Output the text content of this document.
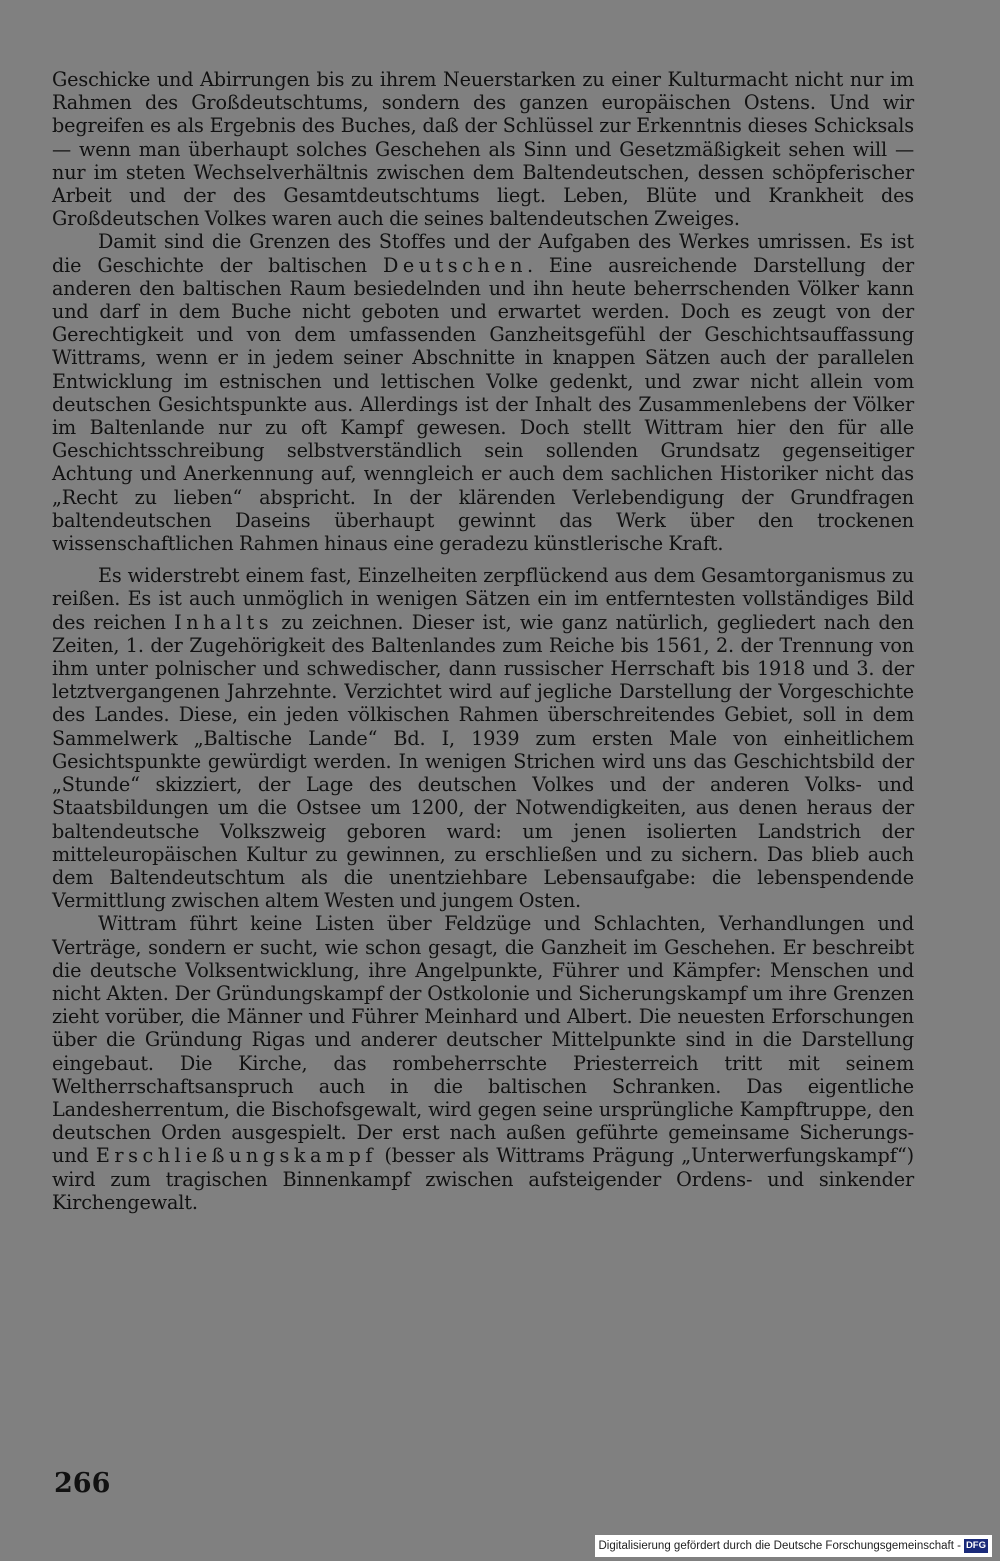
Geschicke und Abirrungen bis zu ihrem Neuerstarken zu einer Kulturmacht nicht nur im Rahmen des Großdeutschtums, sondern des ganzen europäischen Ostens. Und wir begreifen es als Ergebnis des Buches, daß der Schlüssel zur Erkenntnis dieses Schicksals — wenn man überhaupt solches Geschehen als Sinn und Gesetzmäßigkeit sehen will — nur im steten Wechselverhältnis zwischen dem Baltendeutschen, dessen schöpferischer Arbeit und der des Gesamtdeutschtums liegt. Leben, Blüte und Krankheit des Großdeutschen Volkes waren auch die seines baltendeutschen Zweiges.

Damit sind die Grenzen des Stoffes und der Aufgaben des Werkes umrissen. Es ist die Geschichte der baltischen Deutschen. Eine ausreichende Darstellung der anderen den baltischen Raum besiedelnden und ihn heute beherrschenden Völker kann und darf in dem Buche nicht geboten und erwartet werden. Doch es zeugt von der Gerechtigkeit und von dem umfassenden Ganzheitsgefühl der Geschichtsauffassung Wittrams, wenn er in jedem seiner Abschnitte in knappen Sätzen auch der parallelen Entwicklung im estnischen und lettischen Volke gedenkt, und zwar nicht allein vom deutschen Gesichtspunkte aus. Allerdings ist der Inhalt des Zusammenlebens der Völker im Baltenlande nur zu oft Kampf gewesen. Doch stellt Wittram hier den für alle Geschichtsschreibung selbstverständlich sein sollenden Grundsatz gegenseitiger Achtung und Anerkennung auf, wenngleich er auch dem sachlichen Historiker nicht das „Recht zu lieben“ abspricht. In der klärenden Verlebendigung der Grundfragen baltendeutschen Daseins überhaupt gewinnt das Werk über den trockenen wissenschaftlichen Rahmen hinaus eine geradezu künstlerische Kraft.

Es widerstrebt einem fast, Einzelheiten zerpflückend aus dem Gesamtorganismus zu reißen. Es ist auch unmöglich in wenigen Sätzen ein im entferntesten vollständiges Bild des reichen Inhalts zu zeichnen. Dieser ist, wie ganz natürlich, gegliedert nach den Zeiten, 1. der Zugehörigkeit des Baltenlandes zum Reiche bis 1561, 2. der Trennung von ihm unter polnischer und schwedischer, dann russischer Herrschaft bis 1918 und 3. der letztvergangenen Jahrzehnte. Verzichtet wird auf jegliche Darstellung der Vorgeschichte des Landes. Diese, ein jeden völkischen Rahmen überschreitendes Gebiet, soll in dem Sammelwerk „Baltische Lande“ Bd. I, 1939 zum ersten Male von einheitlichem Gesichtspunkte gewürdigt werden. In wenigen Strichen wird uns das Geschichtsbild der „Stunde“ skizziert, der Lage des deutschen Volkes und der anderen Volks- und Staatsbildungen um die Ostsee um 1200, der Notwendigkeiten, aus denen heraus der baltendeutsche Volkszweig geboren ward: um jenen isolierten Landstrich der mitteleuropäischen Kultur zu gewinnen, zu erschließen und zu sichern. Das blieb auch dem Baltendeutschtum als die unentziehbare Lebensaufgabe: die lebenspendende Vermittlung zwischen altem Westen und jungem Osten.

Wittram führt keine Listen über Feldzüge und Schlachten, Verhandlungen und Verträge, sondern er sucht, wie schon gesagt, die Ganzheit im Geschehen. Er beschreibt die deutsche Volksentwicklung, ihre Angelpunkte, Führer und Kämpfer: Menschen und nicht Akten. Der Gründungskampf der Ostkolonie und Sicherungskampf um ihre Grenzen zieht vorüber, die Männer und Führer Meinhard und Albert. Die neuesten Erforschungen über die Gründung Rigas und anderer deutscher Mittelpunkte sind in die Darstellung eingebaut. Die Kirche, das rombeherrschte Priesterreich tritt mit seinem Weltherrschaftsanspruch auch in die baltischen Schranken. Das eigentliche Landesherrentum, die Bischofsgewalt, wird gegen seine ursprüngliche Kampftruppe, den deutschen Orden ausgespielt. Der erst nach außen geführte gemeinsame Sicherungs- und Erschließungskampf (besser als Wittrams Prägung „Unterwerfungskampf“) wird zum tragischen Binnenkampf zwischen aufsteigender Ordens- und sinkender Kirchengewalt.

266
Digitalisierung gefördert durch die Deutsche Forschungsgemeinschaft - DFG
